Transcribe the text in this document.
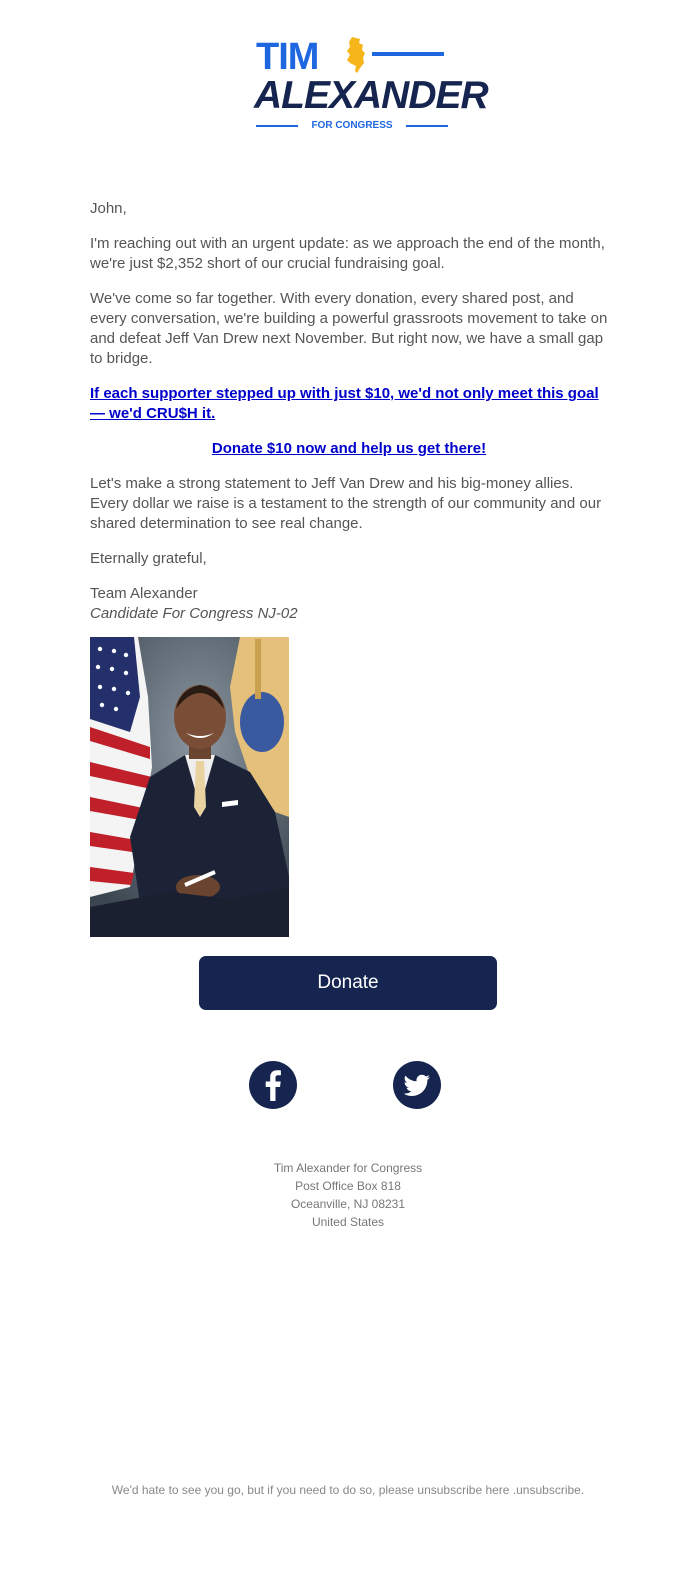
TIM
ALEXANDER
FOR CONGRESS

John,

I'm reaching out with an urgent update: as we approach the end of the month, we're just $2,352 short of our crucial fundraising goal.

We've come so far together. With every donation, every shared post, and every conversation, we're building a powerful grassroots movement to take on and defeat Jeff Van Drew next November. But right now, we have a small gap to bridge.

If each supporter stepped up with just $10, we'd not only meet this goal — we'd CRU$H it.

Donate $10 now and help us get there!

Let's make a strong statement to Jeff Van Drew and his big-money allies. Every dollar we raise is a testament to the strength of our community and our shared determination to see real change.

Eternally grateful,

Team Alexander

Candidate For Congress NJ-02

Donate
Tim Alexander for Congress
Post Office Box 818
Oceanville, NJ 08231
United States
We'd hate to see you go, but if you need to do so, please unsubscribe here .unsubscribe.
